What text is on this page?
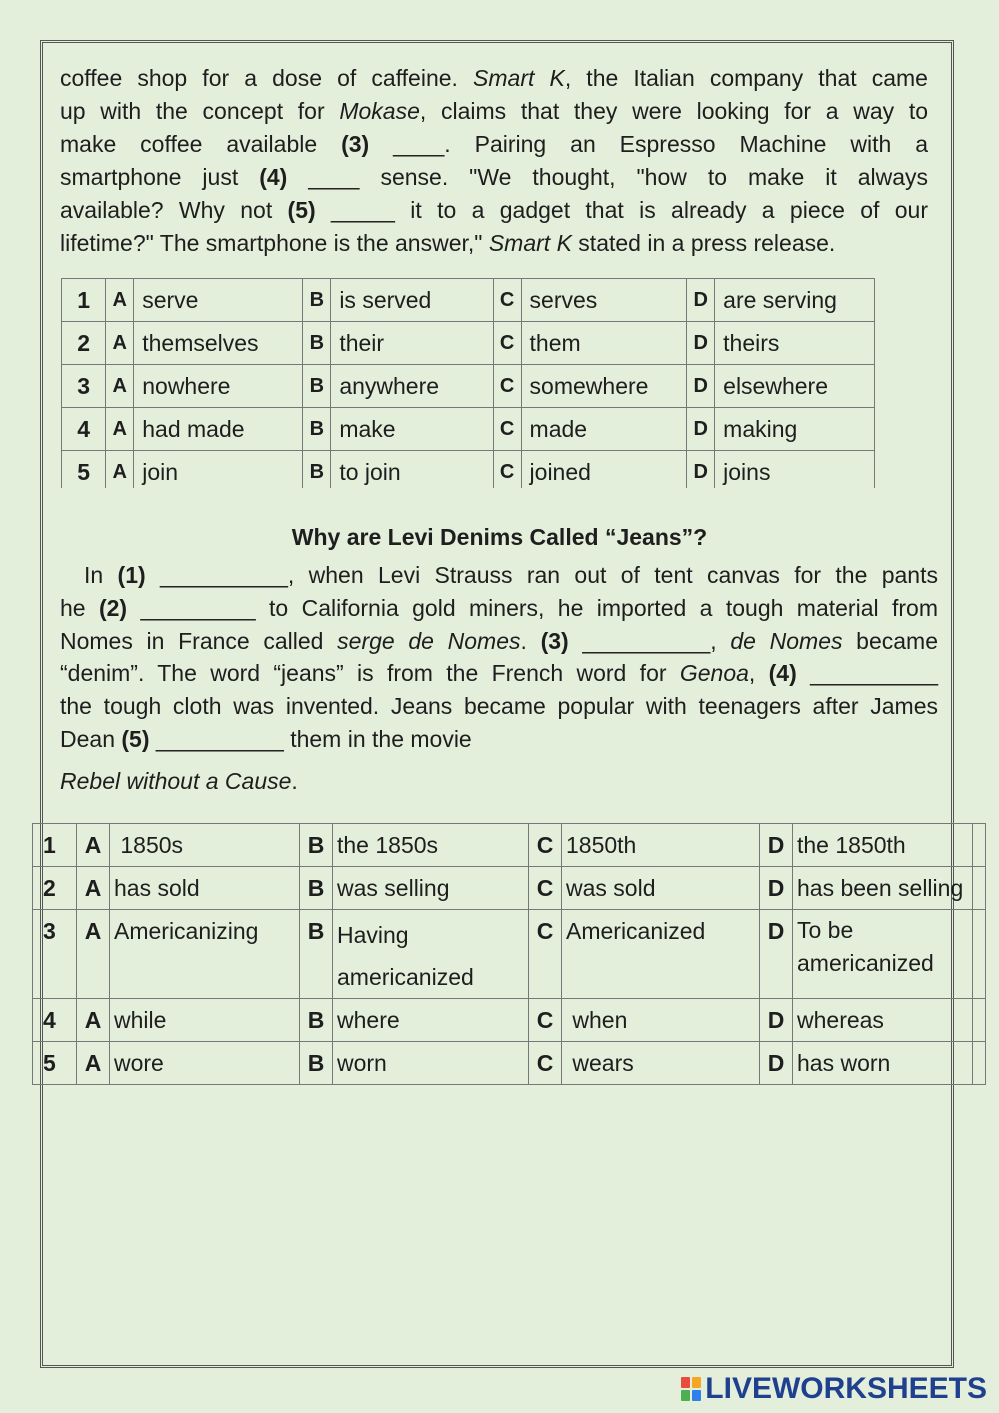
coffee shop for a dose of caffeine. Smart K, the Italian company that came
up with the concept for Mokase, claims that they were looking for a way to
make coffee available (3) ____. Pairing an Espresso Machine with a
smartphone just (4) ____ sense. "We thought, "how to make it always
available? Why not (5) _____ it to a gadget that is already a piece of our
lifetime?" The smartphone is the answer," Smart K stated in a press release.
1	A	serve	B	is served	C	serves	D	are serving
2	A	themselves	B	their	C	them	D	theirs
3	A	nowhere	B	anywhere	C	somewhere	D	elsewhere
4	A	had made	B	make	C	made	D	making
5	A	join	B	to join	C	joined	D	joins
Why are Levi Denims Called “Jeans”?
In (1) __________, when Levi Strauss ran out of tent canvas for the pants
he (2) _________ to California gold miners, he imported a tough material from
Nomes in France called serge de Nomes. (3) __________, de Nomes became
“denim”. The word “jeans” is from the French word for Genoa, (4) __________
the tough cloth was invented. Jeans became popular with teenagers after James
Dean (5) __________ them in the movie
Rebel without a Cause.
1	A	1850s	B	the 1850s	C	1850th	D	the 1850th	
2	A	has sold	B	was selling	C	was sold	D	has been selling	
3	A	Americanizing	B	Having americanized	C	Americanized	D	To be americanized	
4	A	while	B	where	C	when	D	whereas	
5	A	wore	B	worn	C	wears	D	has worn	
LIVEWORKSHEETS
